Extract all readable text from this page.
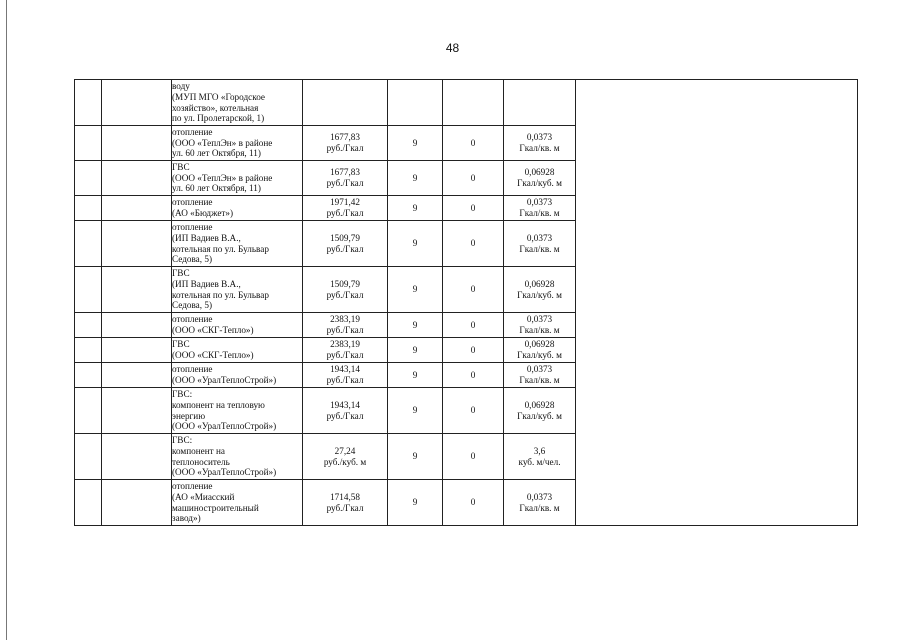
48
		воду
(МУП МГО «Городское
хозяйство», котельная
по ул. Пролетарской, 1)					
		отопление
(ООО «ТеплЭн» в районе
ул. 60 лет Октября, 11)	1677,83
руб./Гкал	9	0	0,0373
Гкал/кв. м	
		ГВС
(ООО «ТеплЭн» в районе
ул. 60 лет Октября, 11)	1677,83
руб./Гкал	9	0	0,06928
Гкал/куб. м	
		отопление
(АО «Бюджет»)	1971,42
руб./Гкал	9	0	0,0373
Гкал/кв. м	
		отопление
(ИП Вадиев В.А.,
котельная по ул. Бульвар
Седова, 5)	1509,79
руб./Гкал	9	0	0,0373
Гкал/кв. м	
		ГВС
(ИП Вадиев В.А.,
котельная по ул. Бульвар
Седова, 5)	1509,79
руб./Гкал	9	0	0,06928
Гкал/куб. м	
		отопление
(ООО «СКГ-Тепло»)	2383,19
руб./Гкал	9	0	0,0373
Гкал/кв. м	
		ГВС
(ООО «СКГ-Тепло»)	2383,19
руб./Гкал	9	0	0,06928
Гкал/куб. м	
		отопление
(ООО «УралТеплоСтрой»)	1943,14
руб./Гкал	9	0	0,0373
Гкал/кв. м	
		ГВС:
компонент на тепловую
энергию
(ООО «УралТеплоСтрой»)	1943,14
руб./Гкал	9	0	0,06928
Гкал/куб. м	
		ГВС:
компонент на
теплоноситель
(ООО «УралТеплоСтрой»)	27,24
руб./куб. м	9	0	3,6
куб. м/чел.	
		отопление
(АО «Миасский
машиностроительный
завод»)	1714,58
руб./Гкал	9	0	0,0373
Гкал/кв. м	
